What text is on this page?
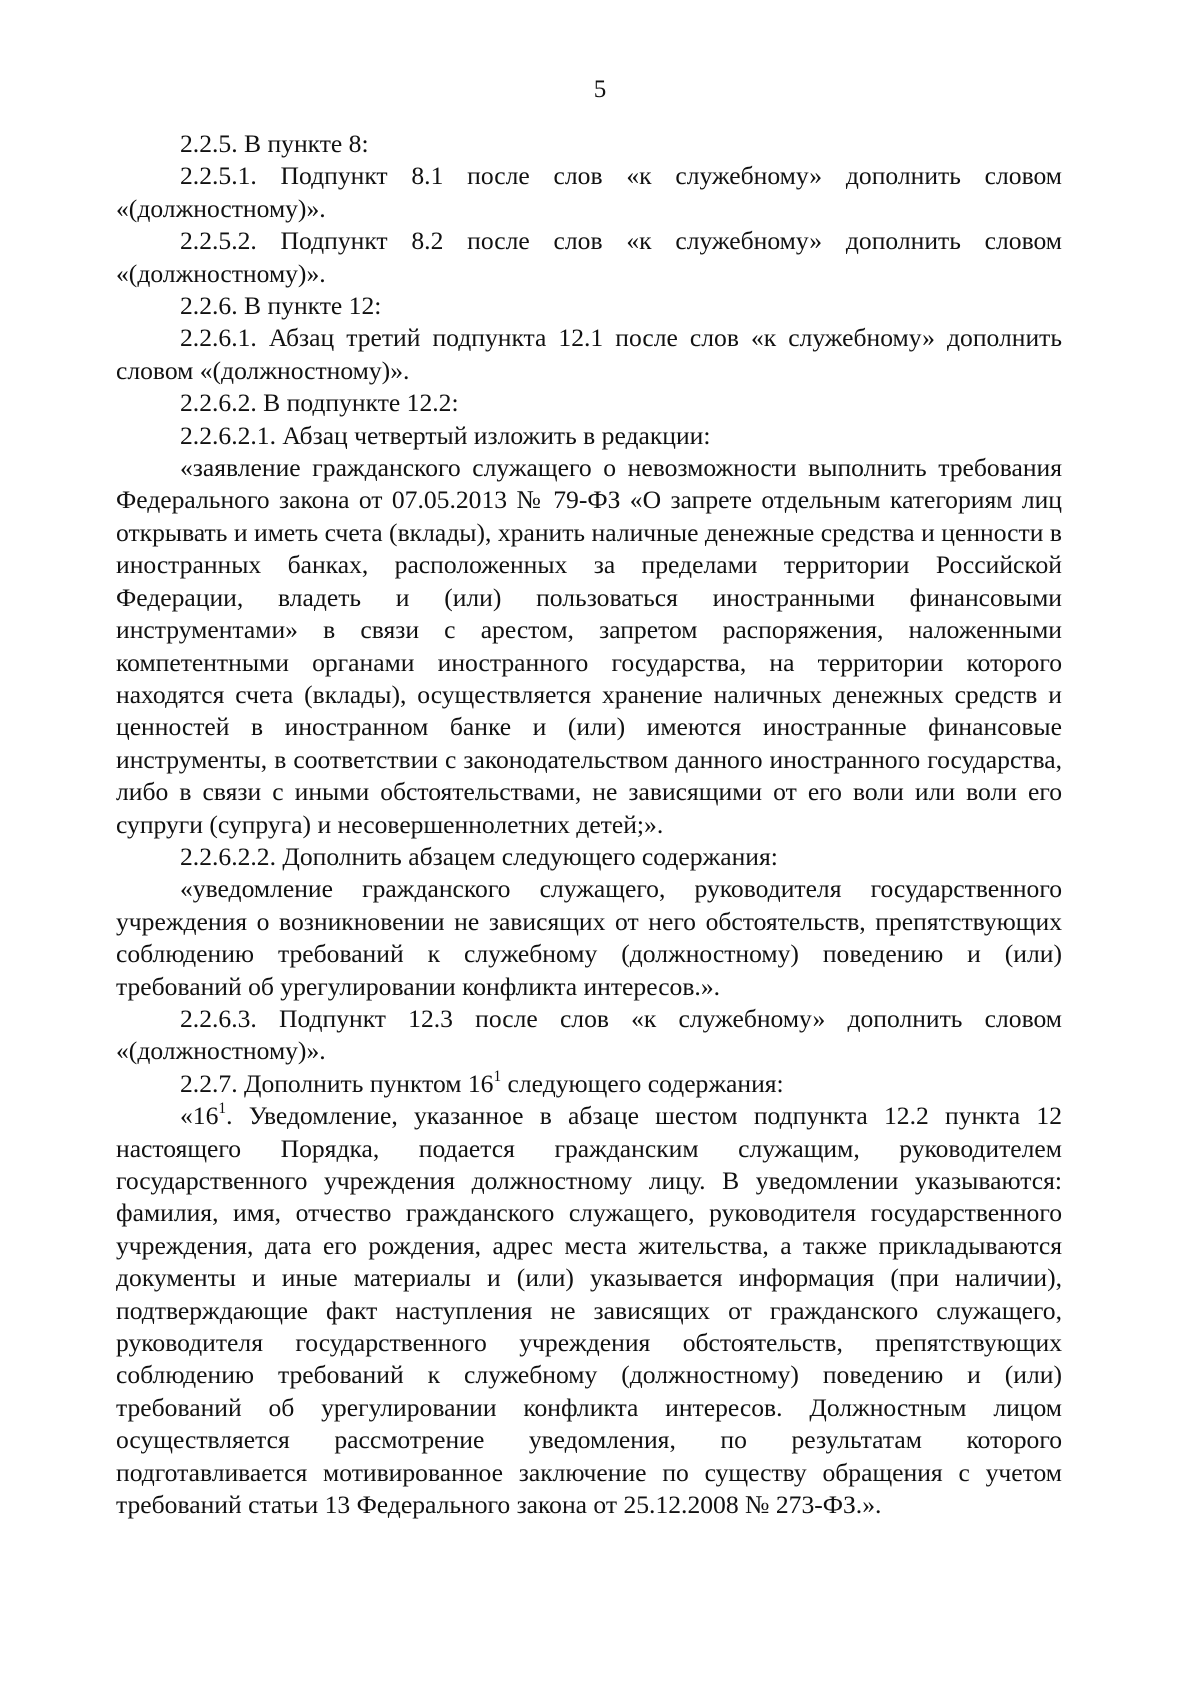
5

2.2.5. В пункте 8:

2.2.5.1. Подпункт 8.1 после слов «к служебному» дополнить словом «(должностному)».

2.2.5.2. Подпункт 8.2 после слов «к служебному» дополнить словом «(должностному)».

2.2.6. В пункте 12:

2.2.6.1. Абзац третий подпункта 12.1 после слов «к служебному» дополнить словом «(должностному)».

2.2.6.2. В подпункте 12.2:

2.2.6.2.1. Абзац четвертый изложить в редакции:

«заявление гражданского служащего о невозможности выполнить требования Федерального закона от 07.05.2013 № 79-ФЗ «О запрете отдельным категориям лиц открывать и иметь счета (вклады), хранить наличные денежные средства и ценности в иностранных банках, расположенных за пределами территории Российской Федерации, владеть и (или) пользоваться иностранными финансовыми инструментами» в связи с арестом, запретом распоряжения, наложенными компетентными органами иностранного государства, на территории которого находятся счета (вклады), осуществляется хранение наличных денежных средств и ценностей в иностранном банке и (или) имеются иностранные финансовые инструменты, в соответствии с законодательством данного иностранного государства, либо в связи с иными обстоятельствами, не зависящими от его воли или воли его супруги (супруга) и несовершеннолетних детей;».

2.2.6.2.2. Дополнить абзацем следующего содержания:

«уведомление гражданского служащего, руководителя государственного учреждения о возникновении не зависящих от него обстоятельств, препятствующих соблюдению требований к служебному (должностному) поведению и (или) требований об урегулировании конфликта интересов.».

2.2.6.3. Подпункт 12.3 после слов «к служебному» дополнить словом «(должностному)».

2.2.7. Дополнить пунктом $16^1$ следующего содержания:

«$16^1$. Уведомление, указанное в абзаце шестом подпункта 12.2 пункта 12 настоящего Порядка, подается гражданским служащим, руководителем государственного учреждения должностному лицу. В уведомлении указываются: фамилия, имя, отчество гражданского служащего, руководителя государственного учреждения, дата его рождения, адрес места жительства, а также прикладываются документы и иные материалы и (или) указывается информация (при наличии), подтверждающие факт наступления не зависящих от гражданского служащего, руководителя государственного учреждения обстоятельств, препятствующих соблюдению требований к служебному (должностному) поведению и (или) требований об урегулировании конфликта интересов. Должностным лицом осуществляется рассмотрение уведомления, по результатам которого подготавливается мотивированное заключение по существу обращения с учетом требований статьи 13 Федерального закона от 25.12.2008 № 273-ФЗ.».
